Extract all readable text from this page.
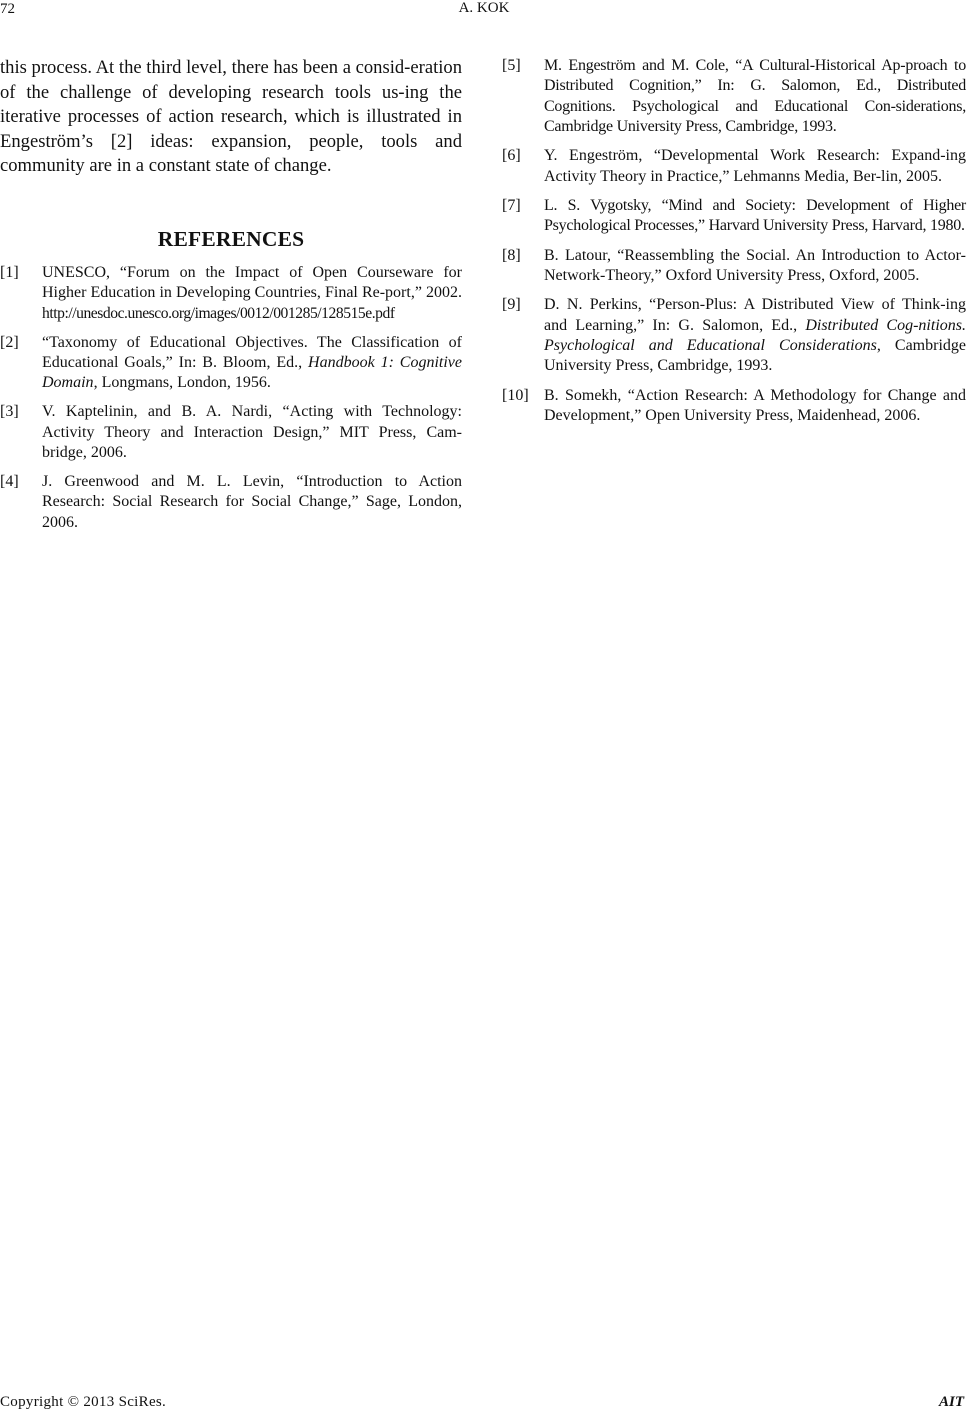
72	A. KOK

this process. At the third level, there has been a consid-eration of the challenge of developing research tools us-ing the iterative processes of action research, which is illustrated in Engeström’s [2] ideas: expansion, people, tools and community are in a constant state of change.

REFERENCES
[1]	UNESCO, “Forum on the Impact of Open Courseware for Higher Education in Developing Countries, Final Re-port,” 2002. http://unesdoc.unesco.org/images/0012/001285/128515e.pdf
[2]	“Taxonomy of Educational Objectives. The Classification of Educational Goals,” In: B. Bloom, Ed., Handbook 1: Cognitive Domain, Longmans, London, 1956.
[3]	V. Kaptelinin, and B. A. Nardi, “Acting with Technology: Activity Theory and Interaction Design,” MIT Press, Cam-bridge, 2006.
[4]	J. Greenwood and M. L. Levin, “Introduction to Action Research: Social Research for Social Change,” Sage, London, 2006.
[5]	M. Engeström and M. Cole, “A Cultural-Historical Ap-proach to Distributed Cognition,” In: G. Salomon, Ed., Distributed Cognitions. Psychological and Educational Con-siderations, Cambridge University Press, Cambridge, 1993.
[6]	Y. Engeström, “Developmental Work Research: Expand-ing Activity Theory in Practice,” Lehmanns Media, Ber-lin, 2005.
[7]	L. S. Vygotsky, “Mind and Society: Development of Higher Psychological Processes,” Harvard University Press, Harvard, 1980.
[8]	B. Latour, “Reassembling the Social. An Introduction to Actor-Network-Theory,” Oxford University Press, Oxford, 2005.
[9]	D. N. Perkins, “Person-Plus: A Distributed View of Think-ing and Learning,” In: G. Salomon, Ed., Distributed Cog-nitions. Psychological and Educational Considerations, Cambridge University Press, Cambridge, 1993.
[10] B. Somekh, “Action Research: A Methodology for Change and Development,” Open University Press, Maidenhead, 2006.
Copyright © 2013 SciRes.	AIT
